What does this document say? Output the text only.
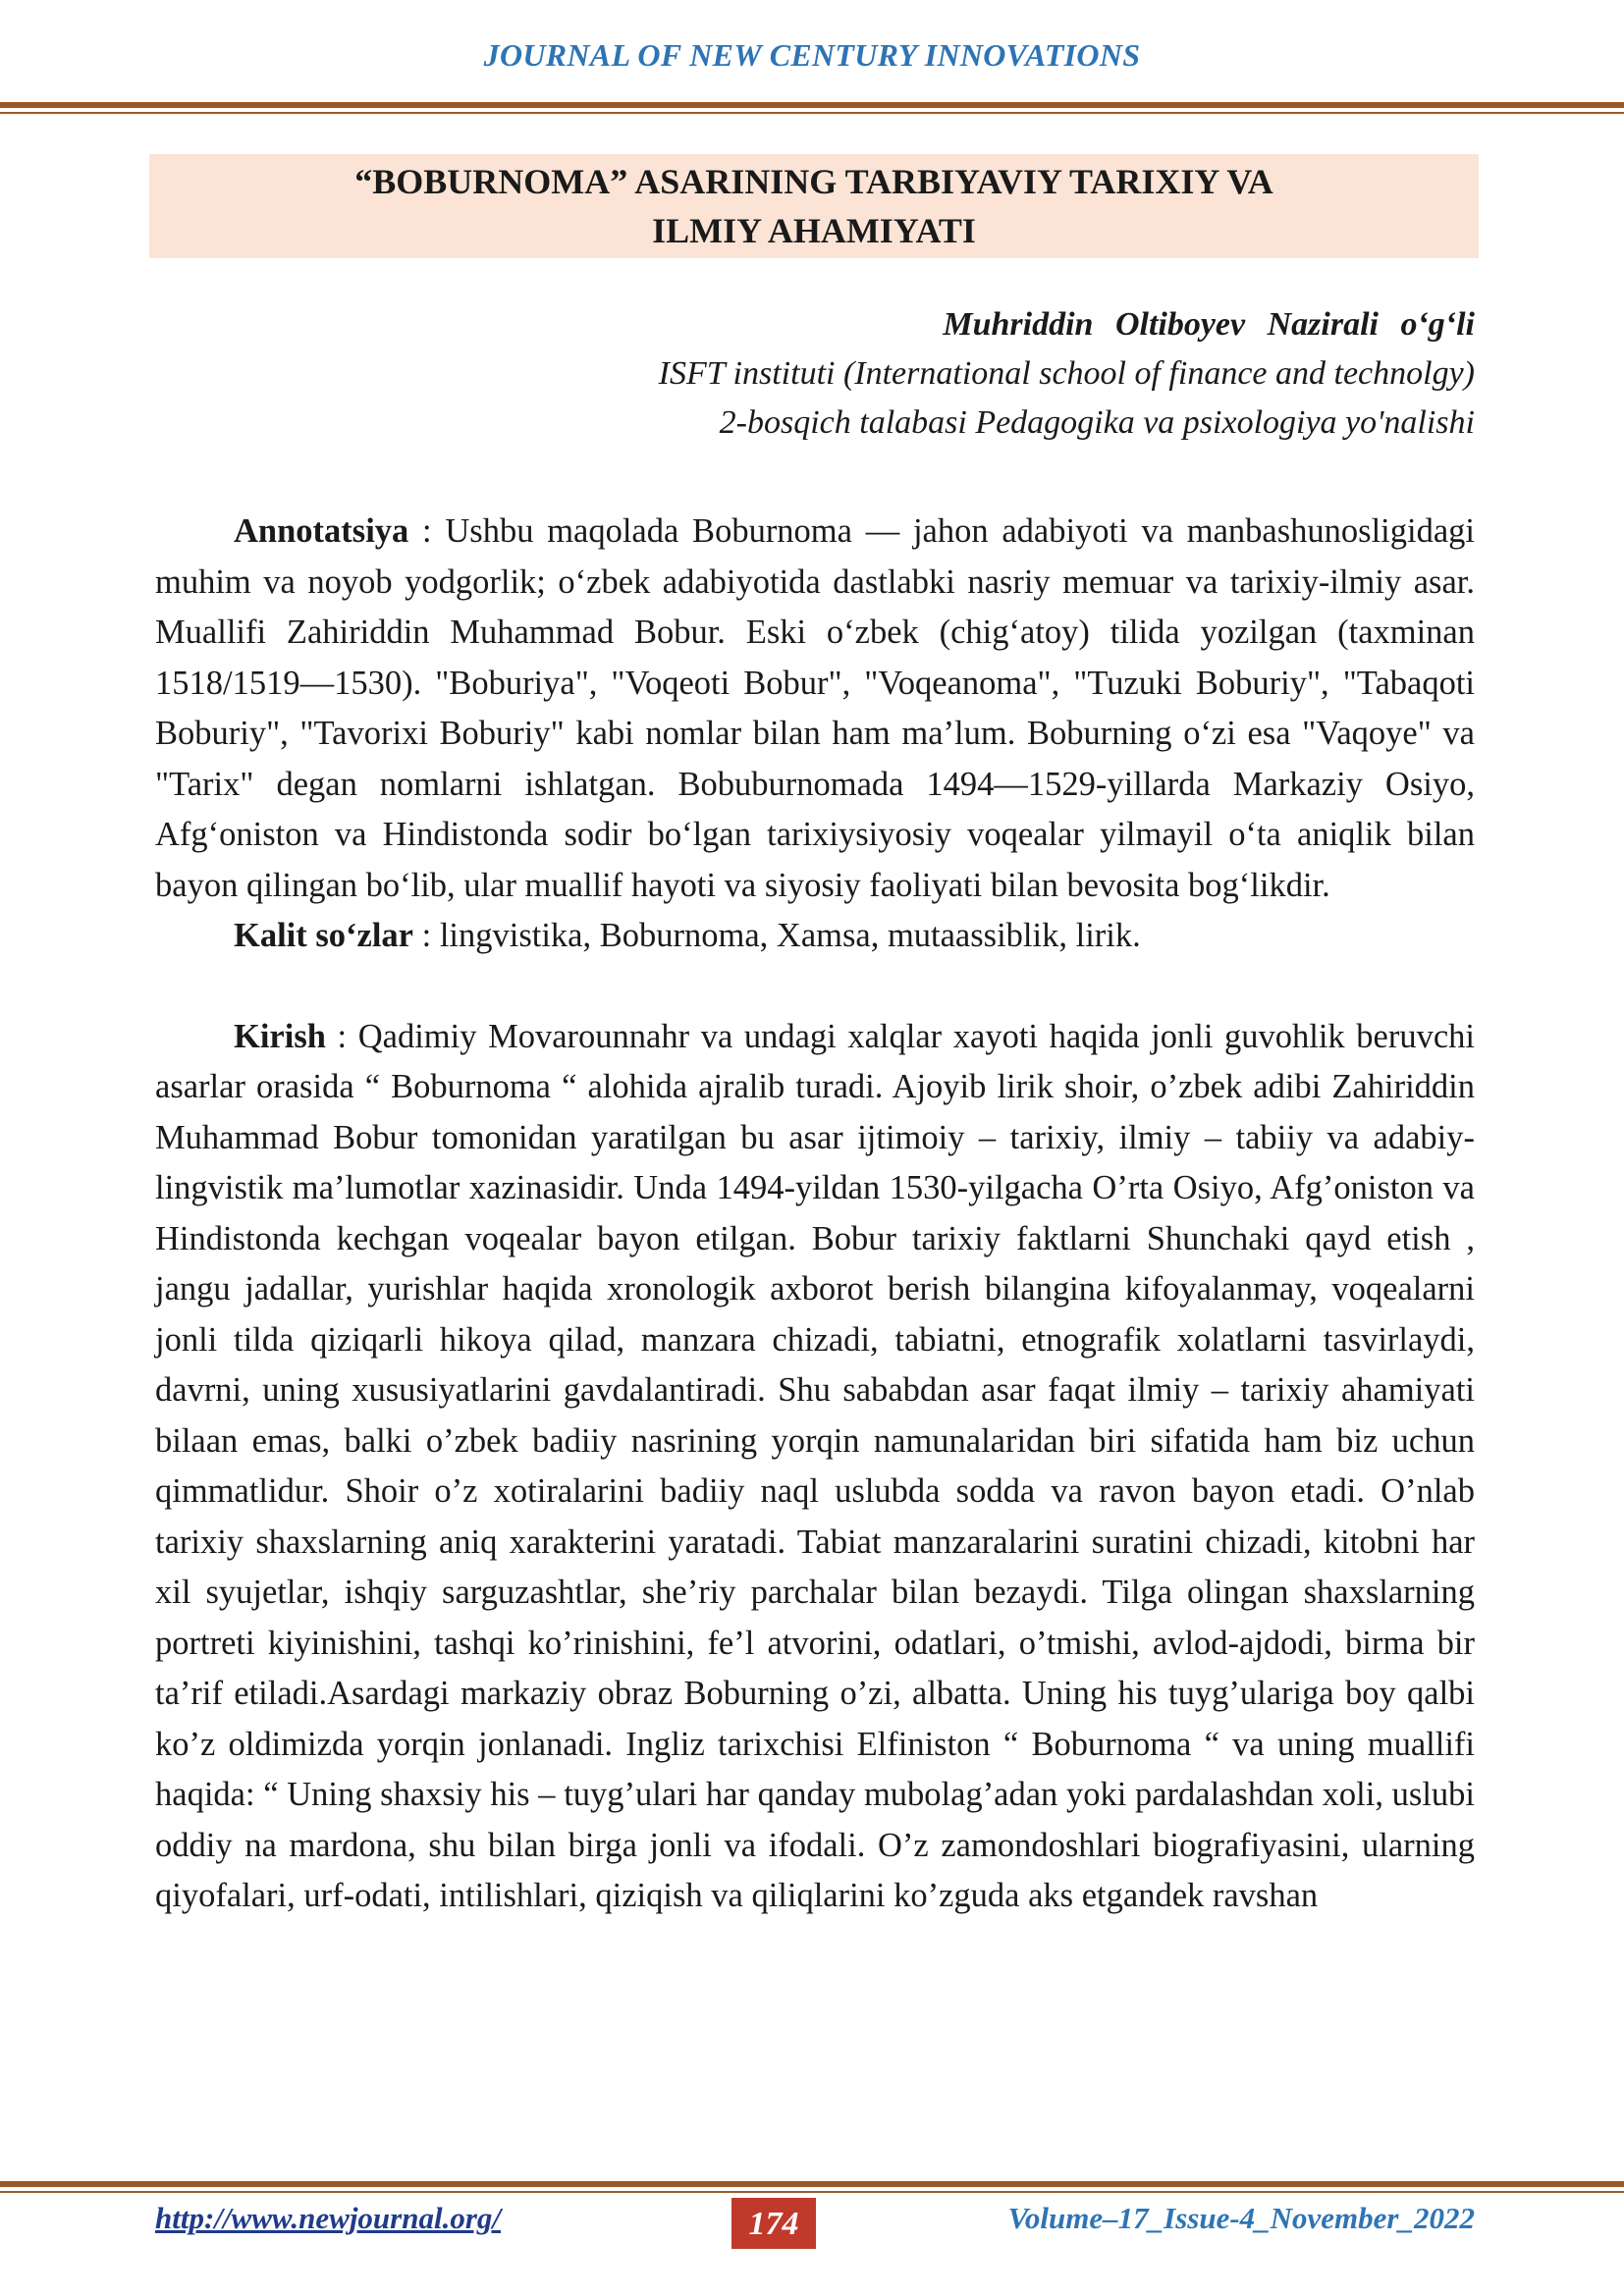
JOURNAL OF NEW CENTURY INNOVATIONS
“BOBURNOMA” ASARINING TARBIYAVIY TARIXIY VA
ILMIY AHAMIYATI
Muhriddin Oltiboyev Nazirali o‘g‘li
ISFT instituti (International school of finance and technolgy)
2-bosqich talabasi Pedagogika va psixologiya yo'nalishi

Annotatsiya : Ushbu maqolada Boburnoma — jahon adabiyoti va manbashunosligidagi muhim va noyob yodgorlik; o‘zbek adabiyotida dastlabki nasriy memuar va tarixiy-ilmiy asar. Muallifi Zahiriddin Muhammad Bobur. Eski o‘zbek (chig‘atoy) tilida yozilgan (taxminan 1518/1519—1530). "Boburiya", "Voqeoti Bobur", "Voqeanoma", "Tuzuki Boburiy", "Tabaqoti Boburiy", "Tavorixi Boburiy" kabi nomlar bilan ham ma’lum. Boburning o‘zi esa "Vaqoye" va "Tarix" degan nomlarni ishlatgan. Bobuburnomada 1494—1529-yillarda Markaziy Osiyo, Afg‘oniston va Hindistonda sodir bo‘lgan tarixiysiyosiy voqealar yilmayil o‘ta aniqlik bilan bayon qilingan bo‘lib, ular muallif hayoti va siyosiy faoliyati bilan bevosita bog‘likdir.

Kalit so‘zlar : lingvistika, Boburnoma, Xamsa, mutaassiblik, lirik.

Kirish : Qadimiy Movarounnahr va undagi xalqlar xayoti haqida jonli guvohlik beruvchi asarlar orasida “ Boburnoma “ alohida ajralib turadi. Ajoyib lirik shoir, o’zbek adibi Zahiriddin Muhammad Bobur tomonidan yaratilgan bu asar ijtimoiy – tarixiy, ilmiy – tabiiy va adabiy- lingvistik ma’lumotlar xazinasidir. Unda 1494-yildan 1530-yilgacha O’rta Osiyo, Afg’oniston va Hindistonda kechgan voqealar bayon etilgan. Bobur tarixiy faktlarni Shunchaki qayd etish , jangu jadallar, yurishlar haqida xronologik axborot berish bilangina kifoyalanmay, voqealarni jonli tilda qiziqarli hikoya qilad, manzara chizadi, tabiatni, etnografik xolatlarni tasvirlaydi, davrni, uning xususiyatlarini gavdalantiradi. Shu sababdan asar faqat ilmiy – tarixiy ahamiyati bilaan emas, balki o’zbek badiiy nasrining yorqin namunalaridan biri sifatida ham biz uchun qimmatlidur. Shoir o’z xotiralarini badiiy naql uslubda sodda va ravon bayon etadi. O’nlab tarixiy shaxslarning aniq xarakterini yaratadi. Tabiat manzaralarini suratini chizadi, kitobni har xil syujetlar, ishqiy sarguzashtlar, she’riy parchalar bilan bezaydi. Tilga olingan shaxslarning portreti kiyinishini, tashqi ko’rinishini, fe’l atvorini, odatlari, o’tmishi, avlod-ajdodi, birma bir ta’rif etiladi.Asardagi markaziy obraz Boburning o’zi, albatta. Uning his tuyg’ulariga boy qalbi ko’z oldimizda yorqin jonlanadi. Ingliz tarixchisi Elfiniston “ Boburnoma “ va uning muallifi haqida: “ Uning shaxsiy his – tuyg’ulari har qanday mubolag’adan yoki pardalashdan xoli, uslubi oddiy na mardona, shu bilan birga jonli va ifodali. O’z zamondoshlari biografiyasini, ularning qiyofalari, urf-odati, intilishlari, qiziqish va qiliqlarini ko’zguda aks etgandek ravshan

http://www.newjournal.org/	174	Volume–17_Issue-4_November_2022
